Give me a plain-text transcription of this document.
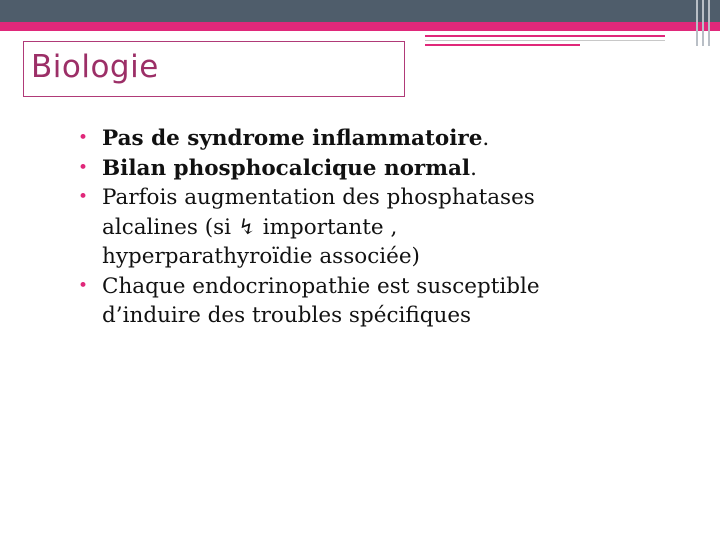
Biologie
• Pas de syndrome inflammatoire.
• Bilan phosphocalcique normal.
• Parfois augmentation des phosphatases
alcalines (si ↯ importante ,
hyperparathyroïdie associée)
• Chaque endocrinopathie est susceptible
d’induire des troubles spécifiques
